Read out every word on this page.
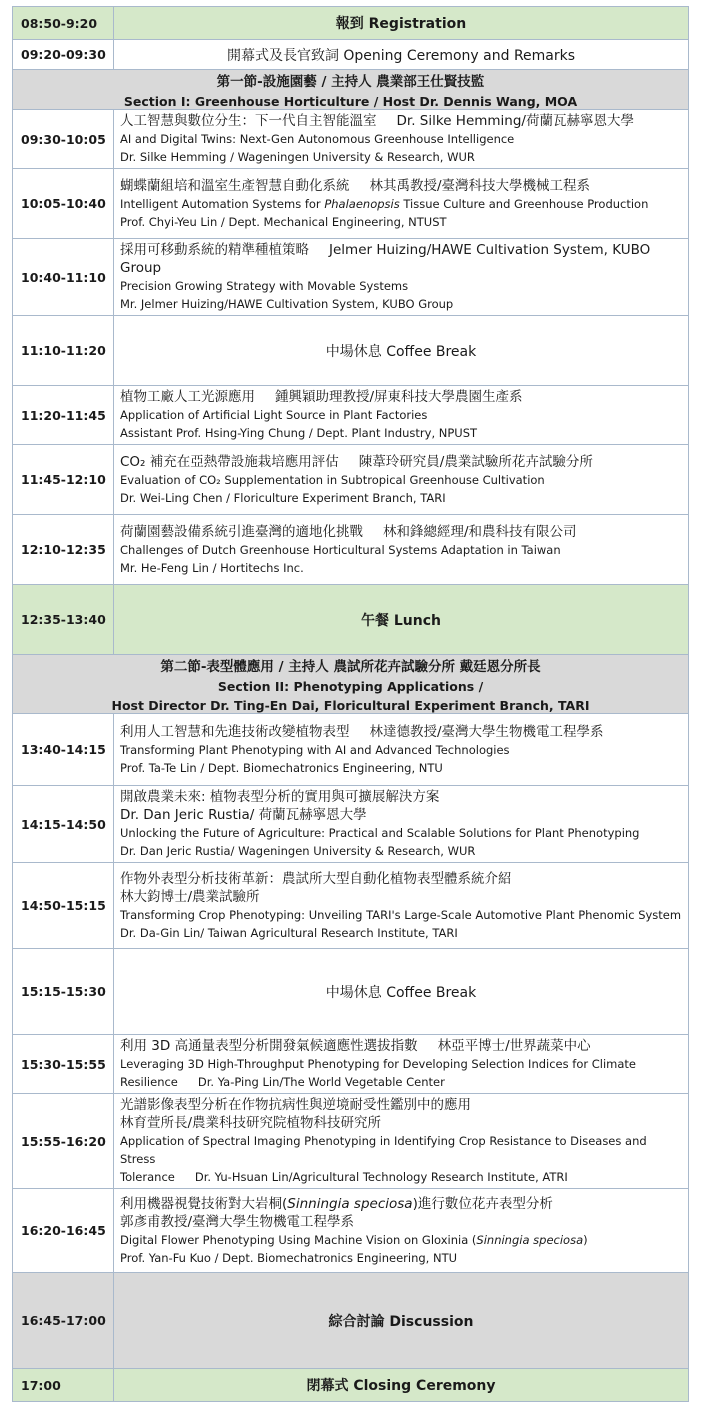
08:50-9:20	報到 Registration
09:20-09:30	開幕式及長官致詞 Opening Ceremony and Remarks

第一節-設施園藝 / 主持人 農業部王仕賢技監
Section I: Greenhouse Horticulture / Host Dr. Dennis Wang, MOA	

09:30-10:05	人工智慧與數位分生：下一代自主智能溫室 Dr. Silke Hemming/荷蘭瓦赫寧恩大學
AI and Digital Twins: Next-Gen Autonomous Greenhouse Intelligence
Dr. Silke Hemming / Wageningen University & Research, WUR

10:05-10:40	蝴蝶蘭組培和溫室生產智慧自動化系統 林其禹教授/臺灣科技大學機械工程系
Intelligent Automation Systems for Phalaenopsis Tissue Culture and Greenhouse Production
Prof. Chyi-Yeu Lin / Dept. Mechanical Engineering, NTUST

10:40-11:10	採用可移動系統的精準種植策略 Jelmer Huizing/HAWE Cultivation System, KUBO Group
Precision Growing Strategy with Movable Systems
Mr. Jelmer Huizing/HAWE Cultivation System, KUBO Group

11:10-11:20	中場休息 Coffee Break
11:20-11:45	植物工廠人工光源應用 鍾興穎助理教授/屏東科技大學農園生產系
Application of Artificial Light Source in Plant Factories
Assistant Prof. Hsing-Ying Chung / Dept. Plant Industry, NPUST

11:45-12:10	CO₂ 補充在亞熱帶設施栽培應用評估 陳葦玲研究員/農業試驗所花卉試驗分所
Evaluation of CO₂ Supplementation in Subtropical Greenhouse Cultivation
Dr. Wei-Ling Chen / Floriculture Experiment Branch, TARI

12:10-12:35	荷蘭園藝設備系統引進臺灣的適地化挑戰 林和鋒總經理/和農科技有限公司
Challenges of Dutch Greenhouse Horticultural Systems Adaptation in Taiwan
Mr. He-Feng Lin / Hortitechs Inc.

12:35-13:40	午餐 Lunch

第二節-表型體應用 / 主持人 農試所花卉試驗分所 戴廷恩分所長
Section II: Phenotyping Applications /
Host Director Dr. Ting-En Dai, Floricultural Experiment Branch, TARI	

13:40-14:15	利用人工智慧和先進技術改變植物表型 林達德教授/臺灣大學生物機電工程學系
Transforming Plant Phenotyping with AI and Advanced Technologies
Prof. Ta-Te Lin / Dept. Biomechatronics Engineering, NTU

14:15-14:50	開啟農業未來: 植物表型分析的實用與可擴展解決方案
Dr. Dan Jeric Rustia/ 荷蘭瓦赫寧恩大學
Unlocking the Future of Agriculture: Practical and Scalable Solutions for Plant Phenotyping
Dr. Dan Jeric Rustia/ Wageningen University & Research, WUR

14:50-15:15	作物外表型分析技術革新：農試所大型自動化植物表型體系統介紹
林大鈞博士/農業試驗所
Transforming Crop Phenotyping: Unveiling TARI's Large-Scale Automotive Plant Phenomic System
Dr. Da-Gin Lin/ Taiwan Agricultural Research Institute, TARI

15:15-15:30	中場休息 Coffee Break
15:30-15:55	利用 3D 高通量表型分析開發氣候適應性選拔指數 林亞平博士/世界蔬菜中心
Leveraging 3D High-Throughput Phenotyping for Developing Selection Indices for Climate
Resilience Dr. Ya-Ping Lin/The World Vegetable Center

15:55-16:20	光譜影像表型分析在作物抗病性與逆境耐受性鑑別中的應用
林育萱所長/農業科技研究院植物科技研究所
Application of Spectral Imaging Phenotyping in Identifying Crop Resistance to Diseases and Stress
Tolerance Dr. Yu-Hsuan Lin/Agricultural Technology Research Institute, ATRI

16:20-16:45	利用機器視覺技術對大岩桐(Sinningia speciosa)進行數位花卉表型分析
郭彥甫教授/臺灣大學生物機電工程學系
Digital Flower Phenotyping Using Machine Vision on Gloxinia (Sinningia speciosa)
Prof. Yan-Fu Kuo / Dept. Biomechatronics Engineering, NTU

16:45-17:00	綜合討論 Discussion
17:00	閉幕式 Closing Ceremony
